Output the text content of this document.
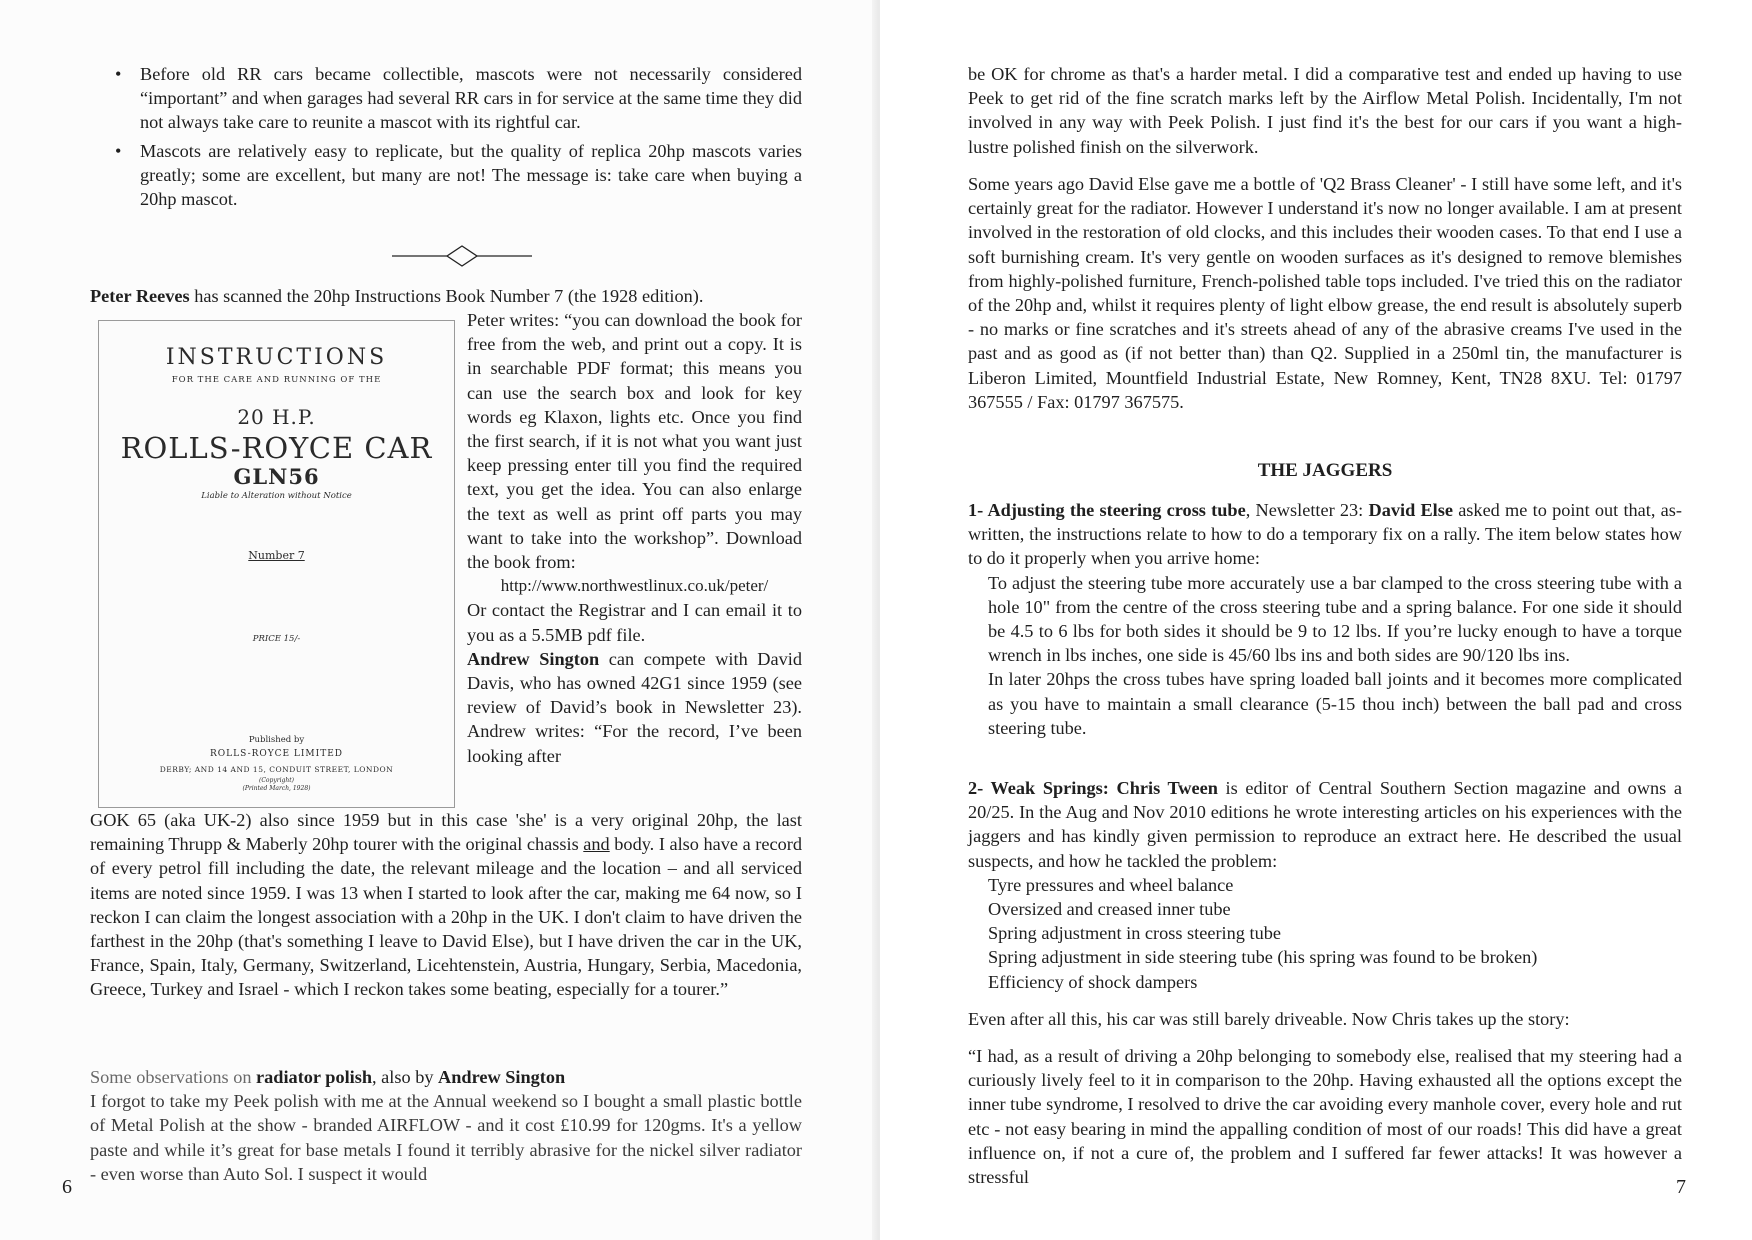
• Before old RR cars became collectible, mascots were not necessarily considered “important” and when garages had several RR cars in for service at the same time they did not always take care to reunite a mascot with its rightful car.
• Mascots are relatively easy to replicate, but the quality of replica 20hp mascots varies greatly; some are excellent, but many are not! The message is: take care when buying a 20hp mascot.

Peter Reeves has scanned the 20hp Instructions Book Number 7 (the 1928 edition).

INSTRUCTIONS
FOR THE CARE AND RUNNING OF THE
20 H.P.
ROLLS-ROYCE CAR
GLN56
Liable to Alteration without Notice
Number 7
PRICE 15/-
Published by
ROLLS-ROYCE LIMITED
DERBY; AND 14 AND 15, CONDUIT STREET, LONDON
(Copyright)
(Printed March, 1928)

Peter writes: “you can download the book for free from the web, and print out a copy. It is in searchable PDF format; this means you can use the search box and look for key words eg Klaxon, lights etc. Once you find the first search, if it is not what you want just keep pressing enter till you find the required text, you get the idea. You can also enlarge the text as well as print off parts you may want to take into the workshop”. Download the book from:

http://www.northwestlinux.co.uk/peter/

Or contact the Registrar and I can email it to you as a 5.5MB pdf file.

Andrew Sington can compete with David Davis, who has owned 42G1 since 1959 (see review of David’s book in Newsletter 23). Andrew writes: “For the record, I’ve been looking after

GOK 65 (aka UK-2) also since 1959 but in this case 'she' is a very original 20hp, the last remaining Thrupp & Maberly 20hp tourer with the original chassis and body. I also have a record of every petrol fill including the date, the relevant mileage and the location – and all serviced items are noted since 1959. I was 13 when I started to look after the car, making me 64 now, so I reckon I can claim the longest association with a 20hp in the UK. I don't claim to have driven the farthest in the 20hp (that's something I leave to David Else), but I have driven the car in the UK, France, Spain, Italy, Germany, Switzerland, Licehtenstein, Austria, Hungary, Serbia, Macedonia, Greece, Turkey and Israel - which I reckon takes some beating, especially for a tourer.”

Some observations on radiator polish, also by Andrew Sington

I forgot to take my Peek polish with me at the Annual weekend so I bought a small plastic bottle of Metal Polish at the show - branded AIRFLOW - and it cost £10.99 for 120gms. It's a yellow paste and while it’s great for base metals I found it terribly abrasive for the nickel silver radiator - even worse than Auto Sol. I suspect it would

6
be OK for chrome as that's a harder metal. I did a comparative test and ended up having to use Peek to get rid of the fine scratch marks left by the Airflow Metal Polish. Incidentally, I'm not involved in any way with Peek Polish. I just find it's the best for our cars if you want a high-lustre polished finish on the silverwork.
Some years ago David Else gave me a bottle of 'Q2 Brass Cleaner' - I still have some left, and it's certainly great for the radiator. However I understand it's now no longer available. I am at present involved in the restoration of old clocks, and this includes their wooden cases. To that end I use a soft burnishing cream. It's very gentle on wooden surfaces as it's designed to remove blemishes from highly-polished furniture, French-polished table tops included. I've tried this on the radiator of the 20hp and, whilst it requires plenty of light elbow grease, the end result is absolutely superb - no marks or fine scratches and it's streets ahead of any of the abrasive creams I've used in the past and as good as (if not better than) than Q2. Supplied in a 250ml tin, the manufacturer is Liberon Limited, Mountfield Industrial Estate, New Romney, Kent, TN28 8XU. Tel: 01797 367555 / Fax: 01797 367575.
THE JAGGERS

1- Adjusting the steering cross tube, Newsletter 23: David Else asked me to point out that, as-written, the instructions relate to how to do a temporary fix on a rally. The item below states how to do it properly when you arrive home:

To adjust the steering tube more accurately use a bar clamped to the cross steering tube with a hole 10" from the centre of the cross steering tube and a spring balance. For one side it should be 4.5 to 6 lbs for both sides it should be 9 to 12 lbs. If you’re lucky enough to have a torque wrench in lbs inches, one side is 45/60 lbs ins and both sides are 90/120 lbs ins.

In later 20hps the cross tubes have spring loaded ball joints and it becomes more complicated as you have to maintain a small clearance (5-15 thou inch) between the ball pad and cross steering tube.

2- Weak Springs: Chris Tween is editor of Central Southern Section magazine and owns a 20/25. In the Aug and Nov 2010 editions he wrote interesting articles on his experiences with the jaggers and has kindly given permission to reproduce an extract here. He described the usual suspects, and how he tackled the problem:

Tyre pressures and wheel balance
Oversized and creased inner tube
Spring adjustment in cross steering tube
Spring adjustment in side steering tube (his spring was found to be broken)
Efficiency of shock dampers
Even after all this, his car was still barely driveable. Now Chris takes up the story:
“I had, as a result of driving a 20hp belonging to somebody else, realised that my steering had a curiously lively feel to it in comparison to the 20hp. Having exhausted all the options except the inner tube syndrome, I resolved to drive the car avoiding every manhole cover, every hole and rut etc - not easy bearing in mind the appalling condition of most of our roads! This did have a great influence on, if not a cure of, the problem and I suffered far fewer attacks! It was however a stressful	7
